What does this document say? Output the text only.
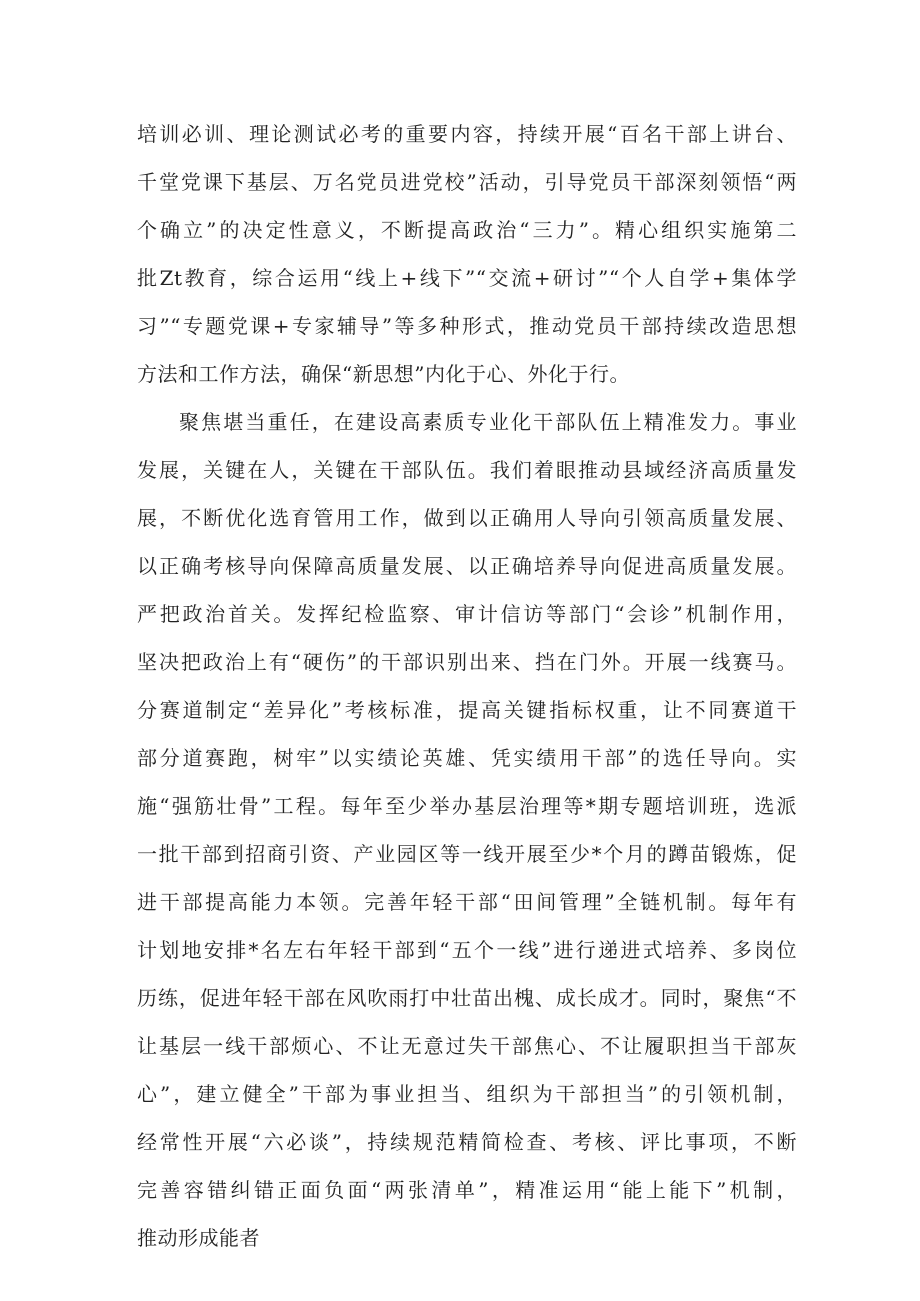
培训必训、理论测试必考的重要内容，持续开展“百名干部上讲台、
千堂党课下基层、万名党员进党校”活动，引导党员干部深刻领悟“两
个确立”的决定性意义，不断提高政治“三力”。精心组织实施第二
批Zt教育，综合运用“线上+线下”“交流+研讨”“个人自学+集体学
习”“专题党课+专家辅导”等多种形式，推动党员干部持续改造思想
方法和工作方法，确保“新思想”内化于心、外化于行。
聚焦堪当重任，在建设高素质专业化干部队伍上精准发力。事业
发展，关键在人，关键在干部队伍。我们着眼推动县域经济高质量发
展，不断优化选育管用工作，做到以正确用人导向引领高质量发展、
以正确考核导向保障高质量发展、以正确培养导向促进高质量发展。
严把政治首关。发挥纪检监察、审计信访等部门“会诊”机制作用，
坚决把政治上有“硬伤”的干部识别出来、挡在门外。开展一线赛马。
分赛道制定“差异化”考核标准，提高关键指标权重，让不同赛道干
部分道赛跑，树牢”以实绩论英雄、凭实绩用干部”的选任导向。实
施“强筋壮骨”工程。每年至少举办基层治理等*期专题培训班，选派
一批干部到招商引资、产业园区等一线开展至少*个月的蹲苗锻炼，促
进干部提高能力本领。完善年轻干部“田间管理”全链机制。每年有
计划地安排*名左右年轻干部到“五个一线”进行递进式培养、多岗位
历练，促进年轻干部在风吹雨打中壮苗出槐、成长成才。同时，聚焦“不
让基层一线干部烦心、不让无意过失干部焦心、不让履职担当干部灰
心”，建立健全”干部为事业担当、组织为干部担当”的引领机制，
经常性开展“六必谈”，持续规范精简检查、考核、评比事项，不断
完善容错纠错正面负面“两张清单”，精准运用“能上能下”机制，
推动形成能者
